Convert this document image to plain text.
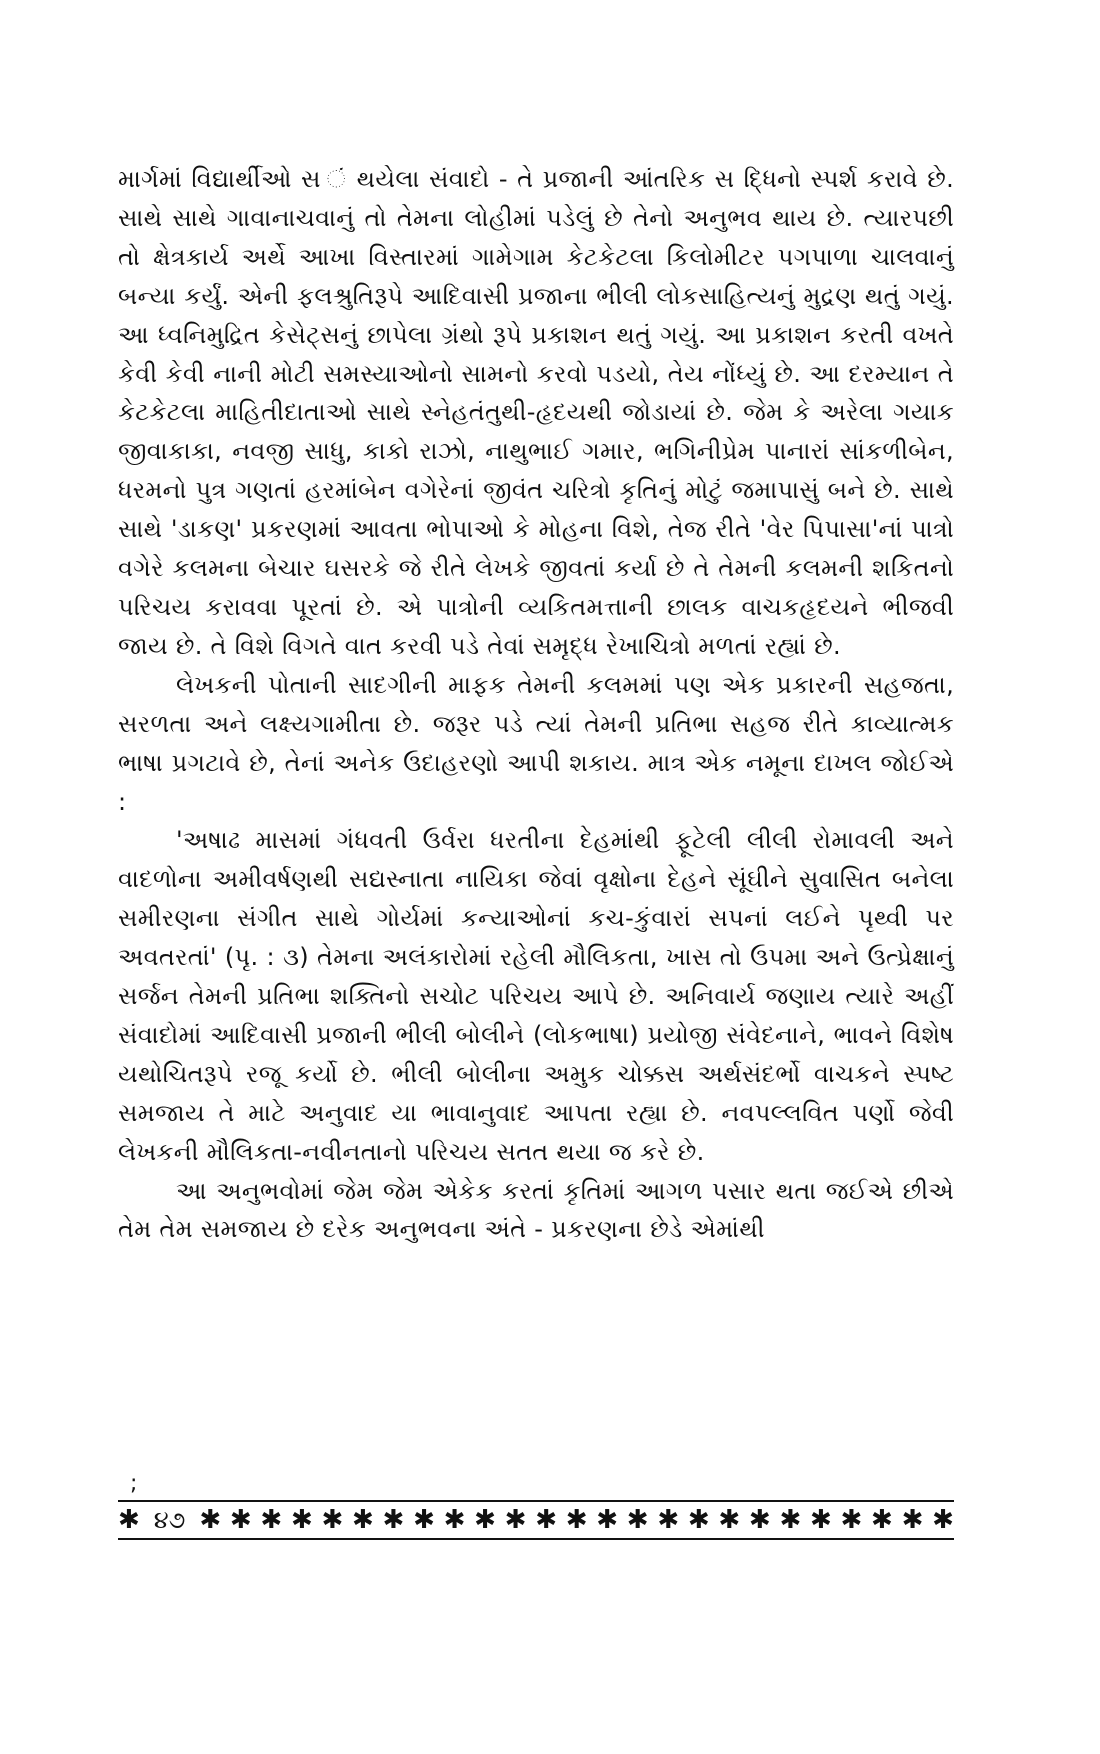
માર્ગમાં વિદ્યાર્થીઓ સ ં થયેલા સંવાદો - તે પ્રજાની આંતરિક સ દ્ધિનો સ્પર્શ કરાવે છે. સાથે સાથે ગાવાનાચવાનું તો તેમના લોહીમાં પડેલું છે તેનો અનુભવ થાય છે. ત્યારપછી તો ક્ષેત્રકાર્ય અર્થે આખા વિસ્તારમાં ગામેગામ કેટકેટલા કિલોમીટર પગપાળા ચાલવાનું બન્યા કર્યું. એની ફલશ્રુતિરૂપે આદિવાસી પ્રજાના ભીલી લોકસાહિત્યનું મુદ્રણ થતું ગયું. આ ધ્વનિમુદ્રિત કેસેટ્સનું છાપેલા ગ્રંથો રૂપે પ્રકાશન થતું ગયું. આ પ્રકાશન કરતી વખતે કેવી કેવી નાની મોટી સમસ્યાઓનો સામનો કરવો પડયો, તેય નોંધ્યું છે. આ દરમ્યાન તે કેટકેટલા માહિતીદાતાઓ સાથે સ્નેહતંતુથી-હૃદયથી જોડાયાં છે. જેમ કે અરેલા ગયાક જીવાકાકા, નવજી સાધુ, કાકો રાઝો, નાથુભાઈ ગમાર, ભગિનીપ્રેમ પાનારાં સાંકળીબેન, ધરમનો પુત્ર ગણતાં હરમાંબેન વગેરેનાં જીવંત ચરિત્રો કૃતિનું મોટું જમાપાસું બને છે. સાથે સાથે 'ડાકણ' પ્રકરણમાં આવતા ભોપાઓ કે મોહના વિશે, તેજ રીતે 'વેર પિપાસા'નાં પાત્રો વગેરે કલમના બેચાર ઘસરકે જે રીતે લેખકે જીવતાં કર્યા છે તે તેમની કલમની શકિતનો પરિચય કરાવવા પૂરતાં છે. એ પાત્રોની વ્યકિતમત્તાની છાલક વાચકહૃદયને ભીજવી જાય છે. તે વિશે વિગતે વાત કરવી પડે તેવાં સમૃદ્ધ રેખાચિત્રો મળતાં રહ્યાં છે.

લેખકની પોતાની સાદગીની માફક તેમની કલમમાં પણ એક પ્રકારની સહજતા, સરળતા અને લક્ષ્યગામીતા છે. જરૂર પડે ત્યાં તેમની પ્રતિભા સહજ રીતે કાવ્યાત્મક ભાષા પ્રગટાવે છે, તેનાં અનેક ઉદાહરણો આપી શકાય. માત્ર એક નમૂના દાખલ જોઈએ :

'અષાઢ માસમાં ગંધવતી ઉર્વરા ધરતીના દેહમાંથી ફૂટેલી લીલી રોમાવલી અને વાદળોના અમીવર્ષણથી સદ્યસ્નાતા નાયિકા જેવાં વૃક્ષોના દેહને સૂંઘીને સુવાસિત બનેલા સમીરણના સંગીત સાથે ગોર્યમાં કન્યાઓનાં કચ-કુંવારાં સપનાં લઈને પૃથ્વી પર અવતરતાં' (પૃ. : ૩) તેમના અલંકારોમાં રહેલી મૌલિકતા, ખાસ તો ઉપમા અને ઉત્પ્રેક્ષાનું સર્જન તેમની પ્રતિભા શક્તિનો સચોટ પરિચય આપે છે. અનિવાર્ય જણાય ત્યારે અહીં સંવાદોમાં આદિવાસી પ્રજાની ભીલી બોલીને (લોકભાષા) પ્રયોજી સંવેદનાને, ભાવને વિશેષ યથોચિતરૂપે રજૂ કર્યો છે. ભીલી બોલીના અમુક ચોક્કસ અર્થસંદર્ભો વાચકને સ્પષ્ટ સમજાય તે માટે અનુવાદ યા ભાવાનુવાદ આપતા રહ્યા છે. નવપલ્લવિત પર્ણો જેવી લેખકની મૌલિકતા-નવીનતાનો પરિચય સતત થયા જ કરે છે.

આ અનુભવોમાં જેમ જેમ એકેક કરતાં કૃતિમાં આગળ પસાર થતા જઈએ છીએ તેમ તેમ સમજાય છે દરેક અનુભવના અંતે - પ્રકરણના છેડે એમાંથી

;
✱ ૪૭ ✱ ✱ ✱ ✱ ✱ ✱ ✱ ✱ ✱ ✱ ✱ ✱ ✱ ✱ ✱ ✱ ✱ ✱ ✱ ✱ ✱ ✱ ✱ ✱ ✱
